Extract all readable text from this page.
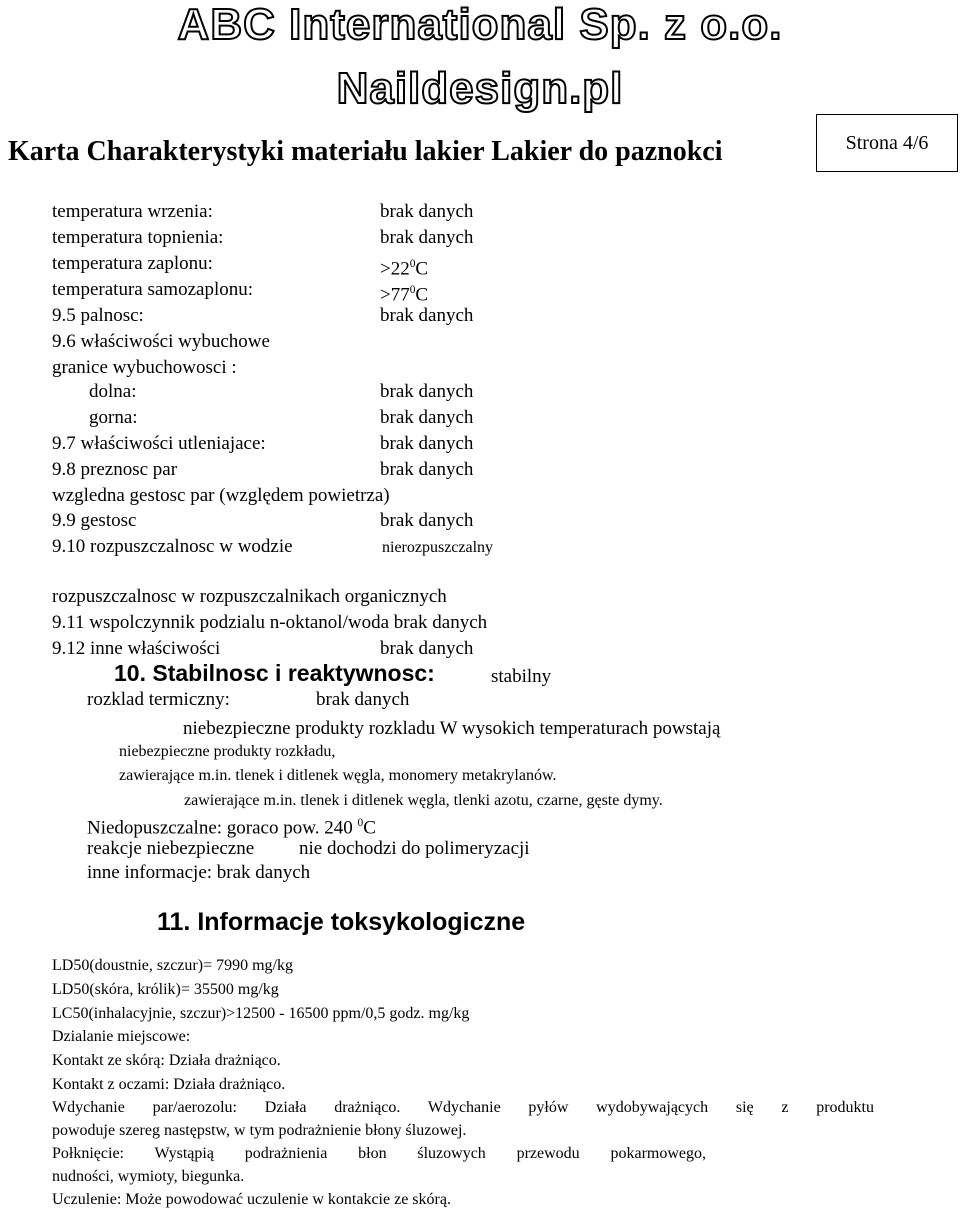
ABC International Sp. z o.o.
Naildesign.pl
Karta Charakterystyki materiału lakier Lakier do paznokci	Strona 4/6
temperatura wrzenia:	brak danych
temperatura topnienia:	brak danych
temperatura zaplonu:	$>22^0C$
temperatura samozaplonu:	$>77^0C$
9.5 palnosc:	brak danych
9.6 właściwości wybuchowe
granice wybuchowosci :
dolna:	brak danych
gorna:	brak danych
9.7 właściwości utleniajace:	brak danych
9.8 preznosc par	brak danych
wzgledna gestosc par (względem powietrza)
9.9 gestosc	brak danych
9.10 rozpuszczalnosc w wodzie	nierozpuszczalny
rozpuszczalnosc w rozpuszczalnikach organicznych
9.11 wspolczynnik podzialu n-oktanol/woda brak danych
9.12 inne właściwości	brak danych
10. Stabilnosc i reaktywnosc:	stabilny
rozklad termiczny:	brak danych
niebezpieczne produkty rozkladu W wysokich temperaturach powstają
niebezpieczne produkty rozkładu,
zawierające m.in. tlenek i ditlenek węgla, monomery metakrylanów.
zawierające m.in. tlenek i ditlenek węgla, tlenki azotu, czarne, gęste dymy.
Niedopuszczalne: goraco pow. 240 $^0$C
reakcje niebezpieczne nie dochodzi do polimeryzacji
inne informacje: brak danych
11. Informacje toksykologiczne
LD50(doustnie, szczur)= 7990 mg/kg
LD50(skóra, królik)= 35500 mg/kg
LC50(inhalacyjnie, szczur)>12500 - 16500 ppm/0,5 godz. mg/kg
Dzialanie miejscowe:
Kontakt ze skórą: Działa drażniąco.
Kontakt z oczami: Działa drażniąco.
Wdychanie par/aerozolu: Działa drażniąco. Wdychanie pyłów wydobywających się z produktu
powoduje szereg następstw, w tym podrażnienie błony śluzowej.
Połknięcie: Wystąpią podrażnienia błon śluzowych przewodu pokarmowego,
nudności, wymioty, biegunka.
Uczulenie: Może powodować uczulenie w kontakcie ze skórą.
